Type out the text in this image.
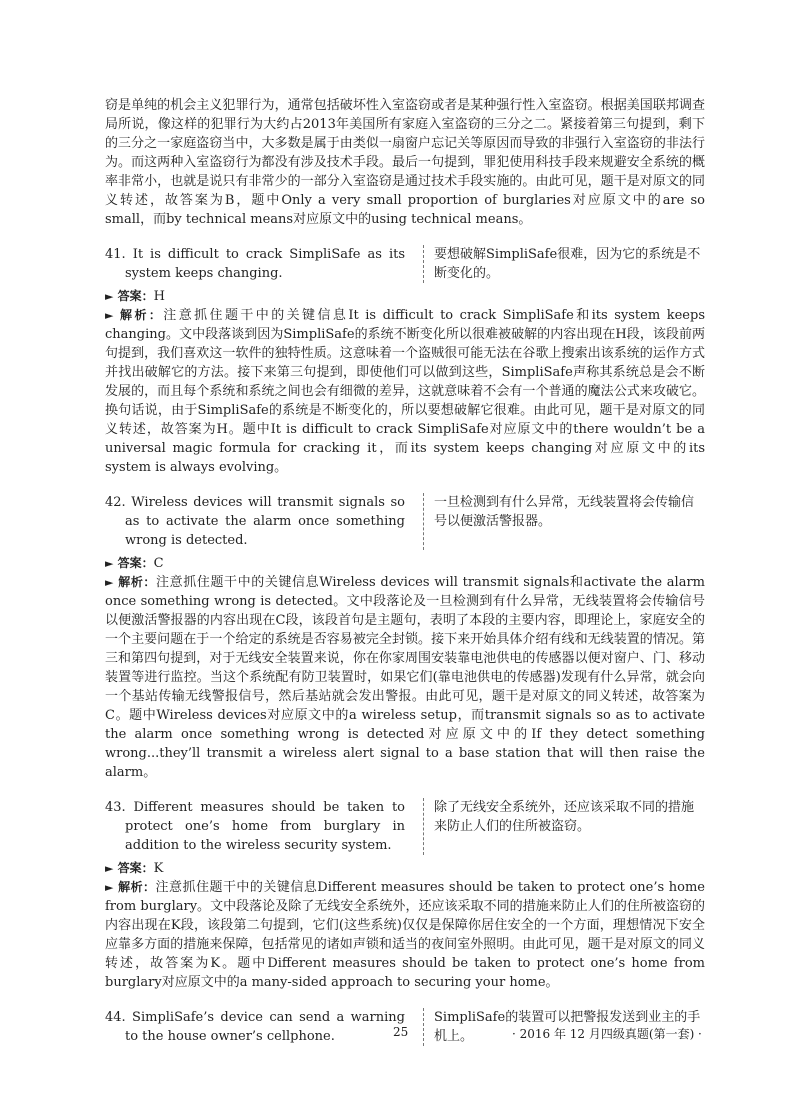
窃是单纯的机会主义犯罪行为，通常包括破坏性入室盗窃或者是某种强行性入室盗窃。根据美国联邦调查局所说，像这样的犯罪行为大约占2013年美国所有家庭入室盗窃的三分之二。紧接着第三句提到，剩下的三分之一家庭盗窃当中，大多数是属于由类似一扇窗户忘记关等原因而导致的非强行入室盗窃的非法行为。而这两种入室盗窃行为都没有涉及技术手段。最后一句提到，罪犯使用科技手段来规避安全系统的概率非常小，也就是说只有非常少的一部分入室盗窃是通过技术手段实施的。由此可见，题干是对原文的同义转述，故答案为B，题中Only a very small proportion of burglaries对应原文中的are so small，而by technical means对应原文中的using technical means。

41. It is difficult to crack SimpliSafe as its system keeps changing.
要想破解SimpliSafe很难，因为它的系统是不断变化的。
► 答案：H

► 解析：注意抓住题干中的关键信息It is difficult to crack SimpliSafe和its system keeps changing。文中段落谈到因为SimpliSafe的系统不断变化所以很难被破解的内容出现在H段，该段前两句提到，我们喜欢这一软件的独特性质。这意味着一个盗贼很可能无法在谷歌上搜索出该系统的运作方式并找出破解它的方法。接下来第三句提到，即使他们可以做到这些，SimpliSafe声称其系统总是会不断发展的，而且每个系统和系统之间也会有细微的差异，这就意味着不会有一个普通的魔法公式来攻破它。换句话说，由于SimpliSafe的系统是不断变化的，所以要想破解它很难。由此可见，题干是对原文的同义转述，故答案为H。题中It is difficult to crack SimpliSafe对应原文中的there wouldn’t be a universal magic formula for cracking it，而its system keeps changing对应原文中的its system is always evolving。

42. Wireless devices will transmit signals so as to activate the alarm once something wrong is detected.
一旦检测到有什么异常，无线装置将会传输信号以便激活警报器。
► 答案：C

► 解析：注意抓住题干中的关键信息Wireless devices will transmit signals和activate the alarm once something wrong is detected。文中段落论及一旦检测到有什么异常，无线装置将会传输信号以便激活警报器的内容出现在C段，该段首句是主题句，表明了本段的主要内容，即理论上，家庭安全的一个主要问题在于一个给定的系统是否容易被完全封锁。接下来开始具体介绍有线和无线装置的情况。第三和第四句提到，对于无线安全装置来说，你在你家周围安装靠电池供电的传感器以便对窗户、门、移动装置等进行监控。当这个系统配有防卫装置时，如果它们(靠电池供电的传感器)发现有什么异常，就会向一个基站传输无线警报信号，然后基站就会发出警报。由此可见，题干是对原文的同义转述，故答案为C。题中Wireless devices对应原文中的a wireless setup，而transmit signals so as to activate the alarm once something wrong is detected对应原文中的If they detect something wrong...they’ll transmit a wireless alert signal to a base station that will then raise the alarm。

43. Different measures should be taken to protect one’s home from burglary in addition to the wireless security system.
除了无线安全系统外，还应该采取不同的措施来防止人们的住所被盗窃。
► 答案：K

► 解析：注意抓住题干中的关键信息Different measures should be taken to protect one’s home from burglary。文中段落论及除了无线安全系统外，还应该采取不同的措施来防止人们的住所被盗窃的内容出现在K段，该段第二句提到，它们(这些系统)仅仅是保障你居住安全的一个方面，理想情况下安全应靠多方面的措施来保障，包括常见的诸如声锁和适当的夜间室外照明。由此可见，题干是对原文的同义转述，故答案为K。题中Different measures should be taken to protect one’s home from burglary对应原文中的a many-sided approach to securing your home。

44. SimpliSafe’s device can send a warning to the house owner’s cellphone.
SimpliSafe的装置可以把警报发送到业主的手机上。
25	· 2016 年 12 月四级真题(第一套) ·
